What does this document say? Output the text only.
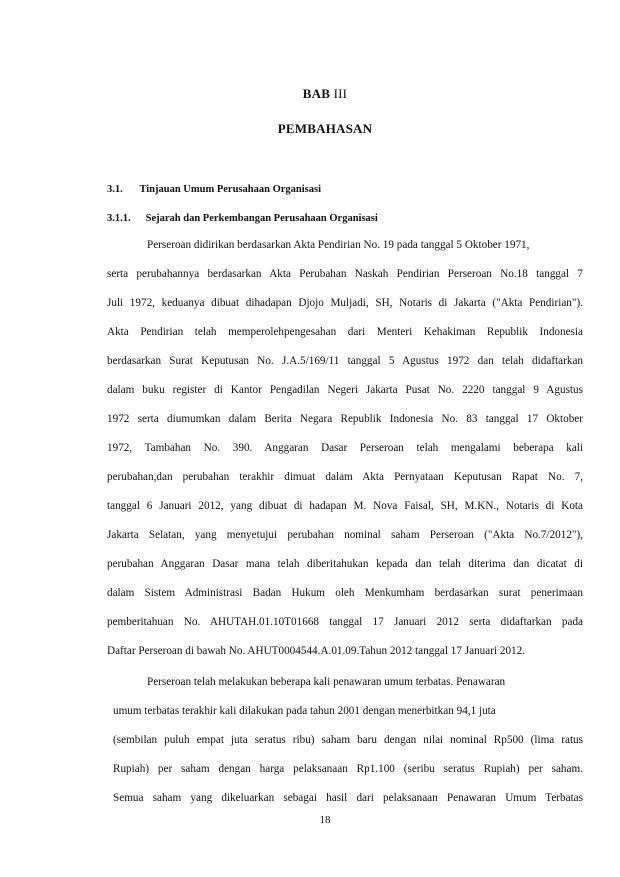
BAB III
PEMBAHASAN
3.1. Tinjauan Umum Perusahaan Organisasi
3.1.1. Sejarah dan Perkembangan Perusahaan Organisasi
Perseroan didirikan berdasarkan Akta Pendirian No. 19 pada tanggal 5 Oktober 1971,
serta perubahannya berdasarkan Akta Perubahan Naskah Pendirian Perseroan No.18 tanggal 7
Juli 1972, keduanya dibuat dihadapan Djojo Muljadi, SH, Notaris di Jakarta ("Akta Pendirian").
Akta Pendirian telah memperolehpengesahan dari Menteri Kehakiman Republik Indonesia
berdasarkan Surat Keputusan No. J.A.5/169/11 tanggal 5 Agustus 1972 dan telah didaftarkan
dalam buku register di Kantor Pengadilan Negeri Jakarta Pusat No. 2220 tanggal 9 Agustus
1972 serta diumumkan dalam Berita Negara Republik Indonesia No. 83 tanggal 17 Oktober
1972, Tambahan No. 390. Anggaran Dasar Perseroan telah mengalami beberapa kali
perubahan,dan perubahan terakhir dimuat dalam Akta Pernyataan Keputusan Rapat No. 7,
tanggal 6 Januari 2012, yang dibuat di hadapan M. Nova Faisal, SH, M.KN., Notaris di Kota
Jakarta Selatan, yang menyetujui perubahan nominal saham Perseroan ("Akta No.7/2012"),
perubahan Anggaran Dasar mana telah diberitahukan kepada dan telah diterima dan dicatat di
dalam Sistem Administrasi Badan Hukum oleh Menkumham berdasarkan surat penerimaan
pemberitahuan No. AHUTAH.01.10T01668 tanggal 17 Januari 2012 serta didaftarkan pada
Daftar Perseroan di bawah No. AHUT0004544.A.01.09.Tahun 2012 tanggal 17 Januari 2012.
Perseroan telah melakukan beberapa kali penawaran umum terbatas. Penawaran
umum terbatas terakhir kali dilakukan pada tahun 2001 dengan menerbitkan 94,1 juta
(sembilan puluh empat juta seratus ribu) saham baru dengan nilai nominal Rp500 (lima ratus
Rupiah) per saham dengan harga pelaksanaan Rp1.100 (seribu seratus Rupiah) per saham.
Semua saham yang dikeluarkan sebagai hasil dari pelaksanaan Penawaran Umum Terbatas
18
